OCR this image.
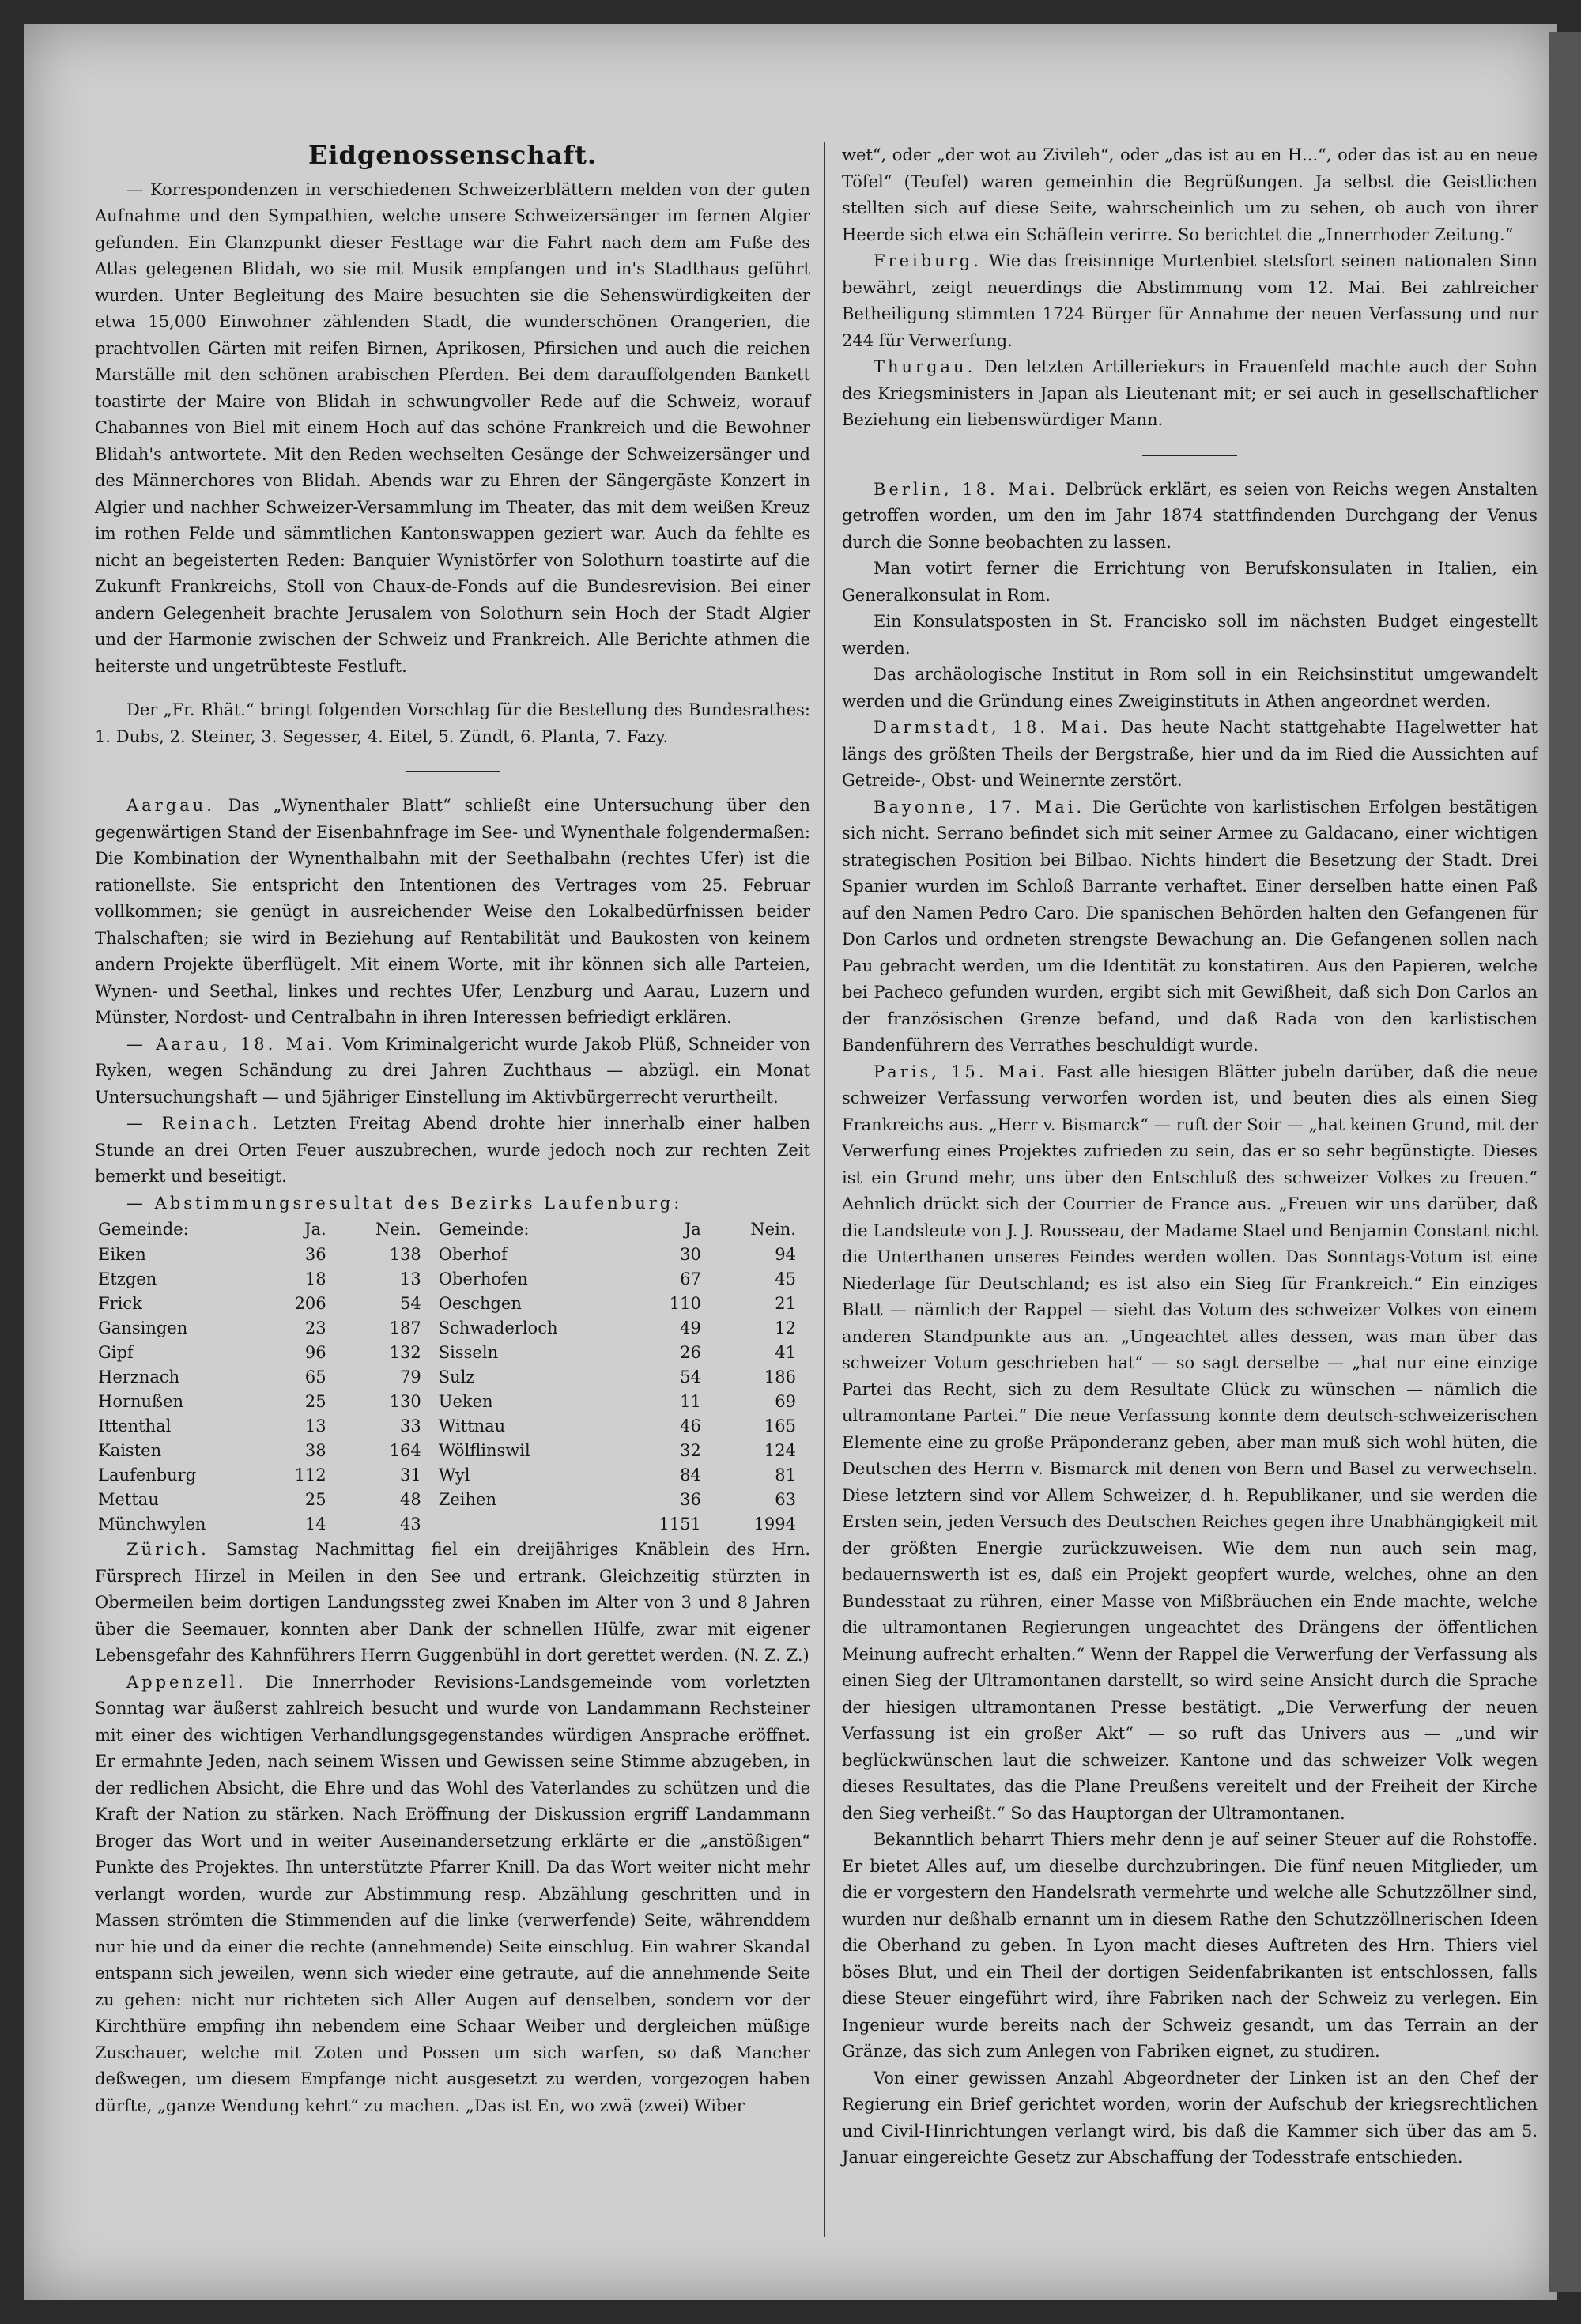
Eidgenossenschaft.

— Korrespondenzen in verschiedenen Schweizerblättern melden von der guten Aufnahme und den Sympathien, welche unsere Schweizersänger im fernen Algier gefunden. Ein Glanzpunkt dieser Festtage war die Fahrt nach dem am Fuße des Atlas gelegenen Blidah, wo sie mit Musik empfangen und in's Stadthaus geführt wurden. Unter Begleitung des Maire besuchten sie die Sehenswürdigkeiten der etwa 15,000 Einwohner zählenden Stadt, die wunderschönen Orangerien, die prachtvollen Gärten mit reifen Birnen, Aprikosen, Pfirsichen und auch die reichen Marställe mit den schönen arabischen Pferden. Bei dem darauffolgenden Bankett toastirte der Maire von Blidah in schwungvoller Rede auf die Schweiz, worauf Chabannes von Biel mit einem Hoch auf das schöne Frankreich und die Bewohner Blidah's antwortete. Mit den Reden wechselten Gesänge der Schweizersänger und des Männerchores von Blidah. Abends war zu Ehren der Sängergäste Konzert in Algier und nachher Schweizer-Versammlung im Theater, das mit dem weißen Kreuz im rothen Felde und sämmtlichen Kantonswappen geziert war. Auch da fehlte es nicht an begeisterten Reden: Banquier Wynistörfer von Solothurn toastirte auf die Zukunft Frankreichs, Stoll von Chaux-de-Fonds auf die Bundesrevision. Bei einer andern Gelegenheit brachte Jerusalem von Solothurn sein Hoch der Stadt Algier und der Harmonie zwischen der Schweiz und Frankreich. Alle Berichte athmen die heiterste und ungetrübteste Festluft.

Der „Fr. Rhät.“ bringt folgenden Vorschlag für die Bestellung des Bundesrathes: 1. Dubs, 2. Steiner, 3. Segesser, 4. Eitel, 5. Zündt, 6. Planta, 7. Fazy.

Aargau. Das „Wynenthaler Blatt“ schließt eine Untersuchung über den gegenwärtigen Stand der Eisenbahnfrage im See- und Wynenthale folgendermaßen: Die Kombination der Wynenthalbahn mit der Seethalbahn (rechtes Ufer) ist die rationellste. Sie entspricht den Intentionen des Vertrages vom 25. Februar vollkommen; sie genügt in ausreichender Weise den Lokalbedürfnissen beider Thalschaften; sie wird in Beziehung auf Rentabilität und Baukosten von keinem andern Projekte überflügelt. Mit einem Worte, mit ihr können sich alle Parteien, Wynen- und Seethal, linkes und rechtes Ufer, Lenzburg und Aarau, Luzern und Münster, Nordost- und Centralbahn in ihren Interessen befriedigt erklären.

— Aarau, 18. Mai. Vom Kriminalgericht wurde Jakob Plüß, Schneider von Ryken, wegen Schändung zu drei Jahren Zuchthaus — abzügl. ein Monat Untersuchungshaft — und 5jähriger Einstellung im Aktivbürgerrecht verurtheilt.

— Reinach. Letzten Freitag Abend drohte hier innerhalb einer halben Stunde an drei Orten Feuer auszubrechen, wurde jedoch noch zur rechten Zeit bemerkt und beseitigt.

— Abstimmungsresultat des Bezirks Laufenburg:

Gemeinde:	Ja.	Nein.	Gemeinde:	Ja	Nein.
Eiken	36	138	Oberhof	30	94
Etzgen	18	13	Oberhofen	67	45
Frick	206	54	Oeschgen	110	21
Gansingen	23	187	Schwaderloch	49	12
Gipf	96	132	Sisseln	26	41
Herznach	65	79	Sulz	54	186
Hornußen	25	130	Ueken	11	69
Ittenthal	13	33	Wittnau	46	165
Kaisten	38	164	Wölflinswil	32	124
Laufenburg	112	31	Wyl	84	81
Mettau	25	48	Zeihen	36	63
Münchwylen	14	43		1151	1994

Zürich. Samstag Nachmittag fiel ein dreijähriges Knäblein des Hrn. Fürsprech Hirzel in Meilen in den See und ertrank. Gleichzeitig stürzten in Obermeilen beim dortigen Landungssteg zwei Knaben im Alter von 3 und 8 Jahren über die Seemauer, konnten aber Dank der schnellen Hülfe, zwar mit eigener Lebensgefahr des Kahnführers Herrn Guggenbühl in dort gerettet werden. (N. Z. Z.)

Appenzell. Die Innerrhoder Revisions-Landsgemeinde vom vorletzten Sonntag war äußerst zahlreich besucht und wurde von Landammann Rechsteiner mit einer des wichtigen Verhandlungsgegenstandes würdigen Ansprache eröffnet. Er ermahnte Jeden, nach seinem Wissen und Gewissen seine Stimme abzugeben, in der redlichen Absicht, die Ehre und das Wohl des Vaterlandes zu schützen und die Kraft der Nation zu stärken. Nach Eröffnung der Diskussion ergriff Landammann Broger das Wort und in weiter Auseinandersetzung erklärte er die „anstößigen“ Punkte des Projektes. Ihn unterstützte Pfarrer Knill. Da das Wort weiter nicht mehr verlangt worden, wurde zur Abstimmung resp. Abzählung geschritten und in Massen strömten die Stimmenden auf die linke (verwerfende) Seite, währenddem nur hie und da einer die rechte (annehmende) Seite einschlug. Ein wahrer Skandal entspann sich jeweilen, wenn sich wieder eine getraute, auf die annehmende Seite zu gehen: nicht nur richteten sich Aller Augen auf denselben, sondern vor der Kirchthüre empfing ihn nebendem eine Schaar Weiber und dergleichen müßige Zuschauer, welche mit Zoten und Possen um sich warfen, so daß Mancher deßwegen, um diesem Empfange nicht ausgesetzt zu werden, vorgezogen haben dürfte, „ganze Wendung kehrt“ zu machen. „Das ist En, wo zwä (zwei) Wiber

wet“, oder „der wot au Zivileh“, oder „das ist au en H...“, oder das ist au en neue Töfel“ (Teufel) waren gemeinhin die Begrüßungen. Ja selbst die Geistlichen stellten sich auf diese Seite, wahrscheinlich um zu sehen, ob auch von ihrer Heerde sich etwa ein Schäflein verirre. So berichtet die „Innerrhoder Zeitung.“

Freiburg. Wie das freisinnige Murtenbiet stetsfort seinen nationalen Sinn bewährt, zeigt neuerdings die Abstimmung vom 12. Mai. Bei zahlreicher Betheiligung stimmten 1724 Bürger für Annahme der neuen Verfassung und nur 244 für Verwerfung.

Thurgau. Den letzten Artilleriekurs in Frauenfeld machte auch der Sohn des Kriegsministers in Japan als Lieutenant mit; er sei auch in gesellschaftlicher Beziehung ein liebenswürdiger Mann.

Berlin, 18. Mai. Delbrück erklärt, es seien von Reichs wegen Anstalten getroffen worden, um den im Jahr 1874 stattfindenden Durchgang der Venus durch die Sonne beobachten zu lassen.

Man votirt ferner die Errichtung von Berufskonsulaten in Italien, ein Generalkonsulat in Rom.

Ein Konsulatsposten in St. Francisko soll im nächsten Budget eingestellt werden.

Das archäologische Institut in Rom soll in ein Reichsinstitut umgewandelt werden und die Gründung eines Zweiginstituts in Athen angeordnet werden.

Darmstadt, 18. Mai. Das heute Nacht stattgehabte Hagelwetter hat längs des größten Theils der Bergstraße, hier und da im Ried die Aussichten auf Getreide-, Obst- und Weinernte zerstört.

Bayonne, 17. Mai. Die Gerüchte von karlistischen Erfolgen bestätigen sich nicht. Serrano befindet sich mit seiner Armee zu Galdacano, einer wichtigen strategischen Position bei Bilbao. Nichts hindert die Besetzung der Stadt. Drei Spanier wurden im Schloß Barrante verhaftet. Einer derselben hatte einen Paß auf den Namen Pedro Caro. Die spanischen Behörden halten den Gefangenen für Don Carlos und ordneten strengste Bewachung an. Die Gefangenen sollen nach Pau gebracht werden, um die Identität zu konstatiren. Aus den Papieren, welche bei Pacheco gefunden wurden, ergibt sich mit Gewißheit, daß sich Don Carlos an der französischen Grenze befand, und daß Rada von den karlistischen Bandenführern des Verrathes beschuldigt wurde.

Paris, 15. Mai. Fast alle hiesigen Blätter jubeln darüber, daß die neue schweizer Verfassung verworfen worden ist, und beuten dies als einen Sieg Frankreichs aus. „Herr v. Bismarck“ — ruft der Soir — „hat keinen Grund, mit der Verwerfung eines Projektes zufrieden zu sein, das er so sehr begünstigte. Dieses ist ein Grund mehr, uns über den Entschluß des schweizer Volkes zu freuen.“ Aehnlich drückt sich der Courrier de France aus. „Freuen wir uns darüber, daß die Landsleute von J. J. Rousseau, der Madame Stael und Benjamin Constant nicht die Unterthanen unseres Feindes werden wollen. Das Sonntags-Votum ist eine Niederlage für Deutschland; es ist also ein Sieg für Frankreich.“ Ein einziges Blatt — nämlich der Rappel — sieht das Votum des schweizer Volkes von einem anderen Standpunkte aus an. „Ungeachtet alles dessen, was man über das schweizer Votum geschrieben hat“ — so sagt derselbe — „hat nur eine einzige Partei das Recht, sich zu dem Resultate Glück zu wünschen — nämlich die ultramontane Partei.“ Die neue Verfassung konnte dem deutsch-schweizerischen Elemente eine zu große Präponderanz geben, aber man muß sich wohl hüten, die Deutschen des Herrn v. Bismarck mit denen von Bern und Basel zu verwechseln. Diese letztern sind vor Allem Schweizer, d. h. Republikaner, und sie werden die Ersten sein, jeden Versuch des Deutschen Reiches gegen ihre Unabhängigkeit mit der größten Energie zurückzuweisen. Wie dem nun auch sein mag, bedauernswerth ist es, daß ein Projekt geopfert wurde, welches, ohne an den Bundesstaat zu rühren, einer Masse von Mißbräuchen ein Ende machte, welche die ultramontanen Regierungen ungeachtet des Drängens der öffentlichen Meinung aufrecht erhalten.“ Wenn der Rappel die Verwerfung der Verfassung als einen Sieg der Ultramontanen darstellt, so wird seine Ansicht durch die Sprache der hiesigen ultramontanen Presse bestätigt. „Die Verwerfung der neuen Verfassung ist ein großer Akt“ — so ruft das Univers aus — „und wir beglückwünschen laut die schweizer. Kantone und das schweizer Volk wegen dieses Resultates, das die Plane Preußens vereitelt und der Freiheit der Kirche den Sieg verheißt.“ So das Hauptorgan der Ultramontanen.

Bekanntlich beharrt Thiers mehr denn je auf seiner Steuer auf die Rohstoffe. Er bietet Alles auf, um dieselbe durchzubringen. Die fünf neuen Mitglieder, um die er vorgestern den Handelsrath vermehrte und welche alle Schutzzöllner sind, wurden nur deßhalb ernannt um in diesem Rathe den Schutzzöllnerischen Ideen die Oberhand zu geben. In Lyon macht dieses Auftreten des Hrn. Thiers viel böses Blut, und ein Theil der dortigen Seidenfabrikanten ist entschlossen, falls diese Steuer eingeführt wird, ihre Fabriken nach der Schweiz zu verlegen. Ein Ingenieur wurde bereits nach der Schweiz gesandt, um das Terrain an der Gränze, das sich zum Anlegen von Fabriken eignet, zu studiren.

Von einer gewissen Anzahl Abgeordneter der Linken ist an den Chef der Regierung ein Brief gerichtet worden, worin der Aufschub der kriegsrechtlichen und Civil-Hinrichtungen verlangt wird, bis daß die Kammer sich über das am 5. Januar eingereichte Gesetz zur Abschaffung der Todesstrafe entschieden.
